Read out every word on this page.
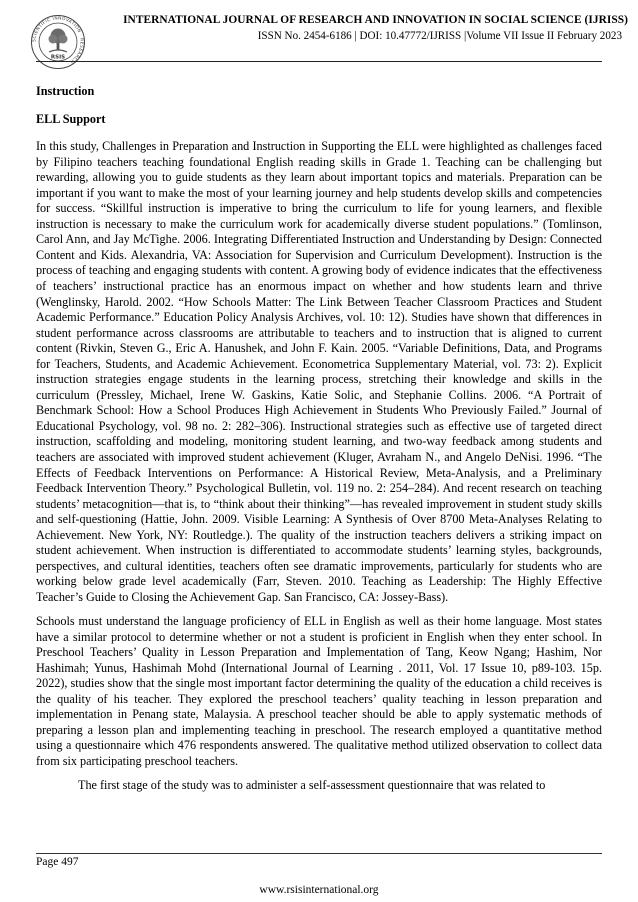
SCIENTIFIC INNOVATION · RESEARCH ·
RSIS
INTERNATIONAL JOURNAL OF RESEARCH AND INNOVATION IN SOCIAL SCIENCE (IJRISS)
ISSN No. 2454-6186 | DOI: 10.47772/IJRISS |Volume VII Issue II February 2023

Instruction

ELL Support

In this study, Challenges in Preparation and Instruction in Supporting the ELL were highlighted as challenges faced by Filipino teachers teaching foundational English reading skills in Grade 1. Teaching can be challenging but rewarding, allowing you to guide students as they learn about important topics and materials. Preparation can be important if you want to make the most of your learning journey and help students develop skills and competencies for success. “Skillful instruction is imperative to bring the curriculum to life for young learners, and flexible instruction is necessary to make the curriculum work for academically diverse student populations.” (Tomlinson, Carol Ann, and Jay McTighe. 2006. Integrating Differentiated Instruction and Understanding by Design: Connected Content and Kids. Alexandria, VA: Association for Supervision and Curriculum Development). Instruction is the process of teaching and engaging students with content. A growing body of evidence indicates that the effectiveness of teachers’ instructional practice has an enormous impact on whether and how students learn and thrive (Wenglinsky, Harold. 2002. “How Schools Matter: The Link Between Teacher Classroom Practices and Student Academic Performance.” Education Policy Analysis Archives, vol. 10: 12). Studies have shown that differences in student performance across classrooms are attributable to teachers and to instruction that is aligned to current content (Rivkin, Steven G., Eric A. Hanushek, and John F. Kain. 2005. “Variable Definitions, Data, and Programs for Teachers, Students, and Academic Achievement. Econometrica Supplementary Material, vol. 73: 2). Explicit instruction strategies engage students in the learning process, stretching their knowledge and skills in the curriculum (Pressley, Michael, Irene W. Gaskins, Katie Solic, and Stephanie Collins. 2006. “A Portrait of Benchmark School: How a School Produces High Achievement in Students Who Previously Failed.” Journal of Educational Psychology, vol. 98 no. 2: 282–306). Instructional strategies such as effective use of targeted direct instruction, scaffolding and modeling, monitoring student learning, and two-way feedback among students and teachers are associated with improved student achievement (Kluger, Avraham N., and Angelo DeNisi. 1996. “The Effects of Feedback Interventions on Performance: A Historical Review, Meta-Analysis, and a Preliminary Feedback Intervention Theory.” Psychological Bulletin, vol. 119 no. 2: 254–284). And recent research on teaching students’ metacognition—that is, to “think about their thinking”—has revealed improvement in student study skills and self-questioning (Hattie, John. 2009. Visible Learning: A Synthesis of Over 8700 Meta-Analyses Relating to Achievement. New York, NY: Routledge.). The quality of the instruction teachers delivers a striking impact on student achievement. When instruction is differentiated to accommodate students’ learning styles, backgrounds, perspectives, and cultural identities, teachers often see dramatic improvements, particularly for students who are working below grade level academically (Farr, Steven. 2010. Teaching as Leadership: The Highly Effective Teacher’s Guide to Closing the Achievement Gap. San Francisco, CA: Jossey-Bass).

Schools must understand the language proficiency of ELL in English as well as their home language. Most states have a similar protocol to determine whether or not a student is proficient in English when they enter school. In Preschool Teachers’ Quality in Lesson Preparation and Implementation of Tang, Keow Ngang; Hashim, Nor Hashimah; Yunus, Hashimah Mohd (International Journal of Learning . 2011, Vol. 17 Issue 10, p89-103. 15p. 2022), studies show that the single most important factor determining the quality of the education a child receives is the quality of his teacher. They explored the preschool teachers’ quality teaching in lesson preparation and implementation in Penang state, Malaysia. A preschool teacher should be able to apply systematic methods of preparing a lesson plan and implementing teaching in preschool. The research employed a quantitative method using a questionnaire which 476 respondents answered. The qualitative method utilized observation to collect data from six participating preschool teachers.

The first stage of the study was to administer a self-assessment questionnaire that was related to

Page 497
www.rsisinternational.org
